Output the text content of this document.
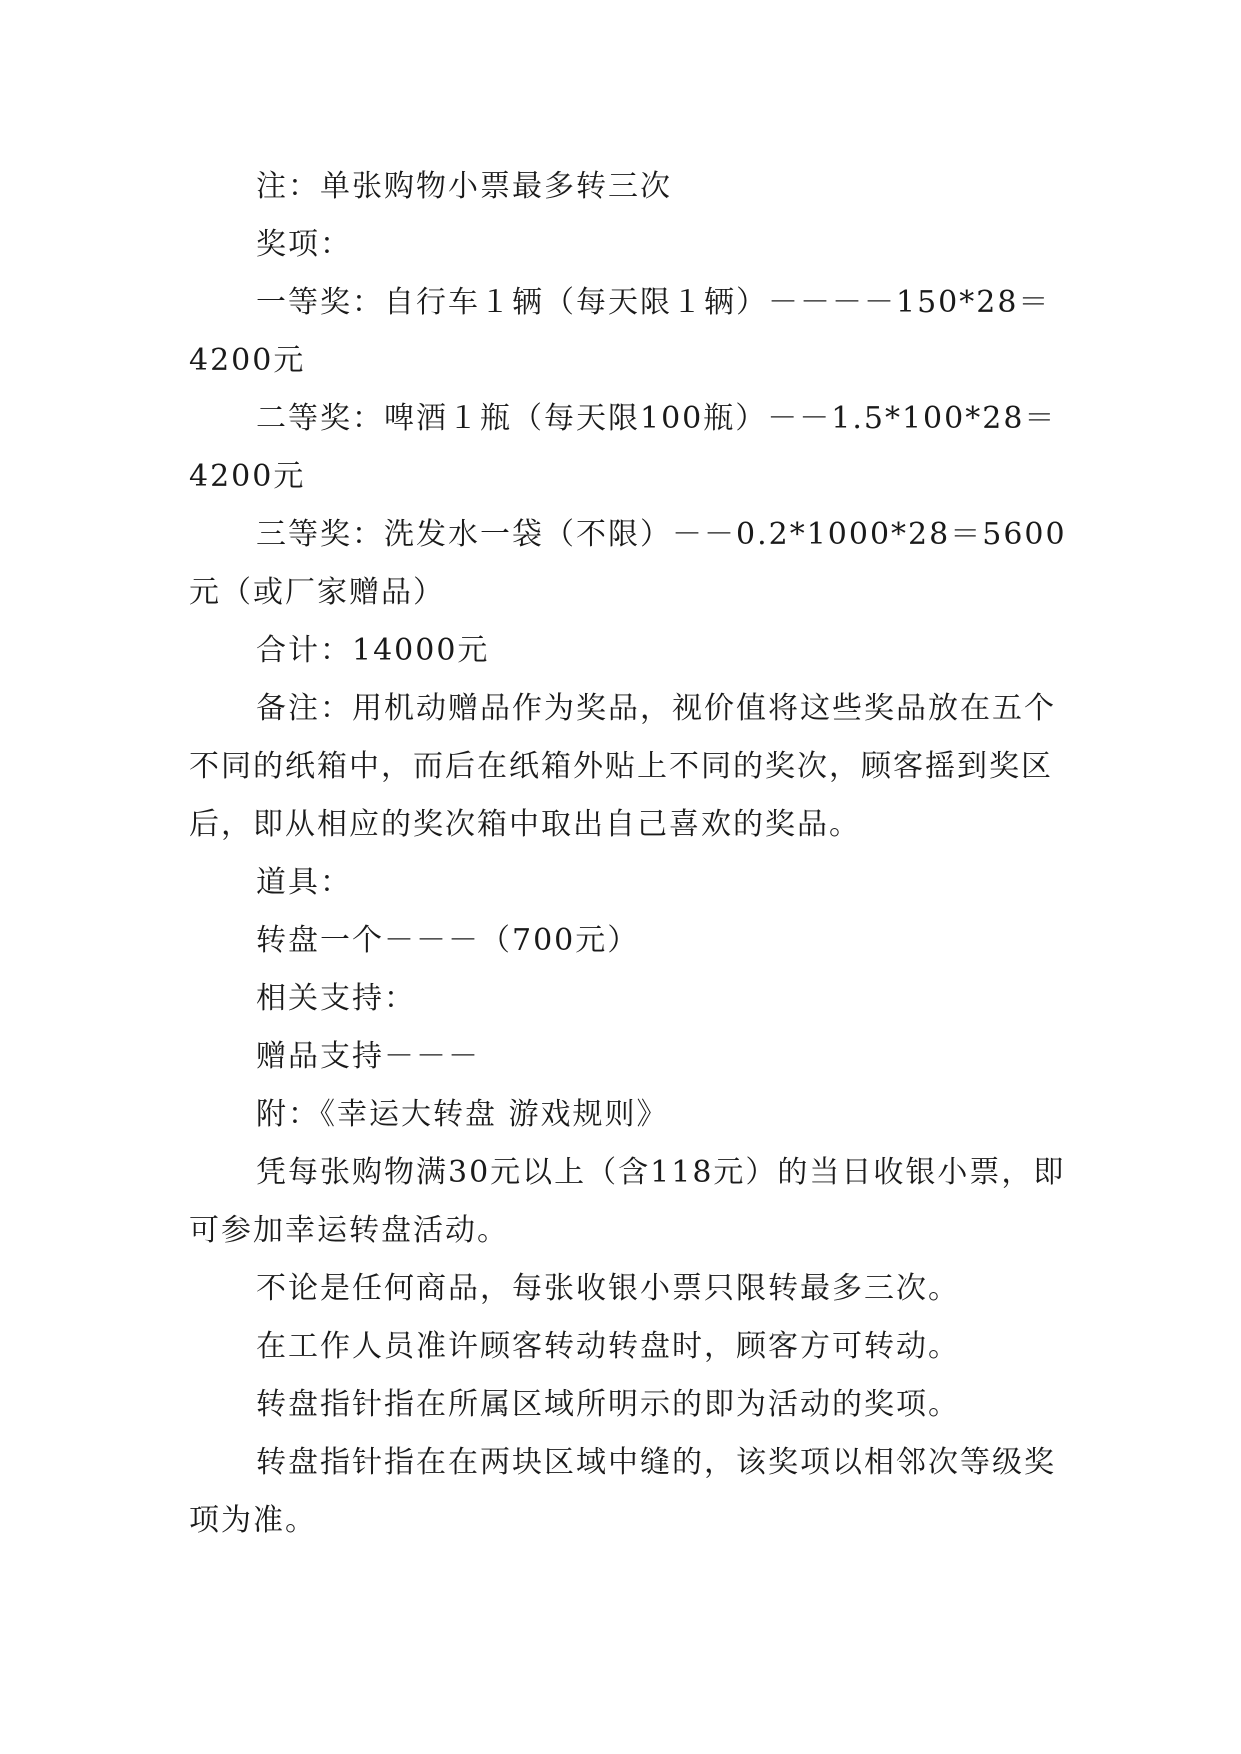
注：单张购物小票最多转三次

奖项：

一等奖：自行车１辆（每天限１辆）－－－－150*28＝4200元

二等奖：啤酒１瓶（每天限100瓶）－－1.5*100*28＝4200元

三等奖：洗发水一袋（不限）－－0.2*1000*28＝5600元（或厂家赠品）

合计：14000元

备注：用机动赠品作为奖品，视价值将这些奖品放在五个不同的纸箱中，而后在纸箱外贴上不同的奖次，顾客摇到奖区后，即从相应的奖次箱中取出自己喜欢的奖品。

道具：

转盘一个－－－（700元）

相关支持：

赠品支持－－－

附：《幸运大转盘 游戏规则》

凭每张购物满30元以上（含118元）的当日收银小票，即可参加幸运转盘活动。

不论是任何商品，每张收银小票只限转最多三次。

在工作人员准许顾客转动转盘时，顾客方可转动。

转盘指针指在所属区域所明示的即为活动的奖项。

转盘指针指在在两块区域中缝的，该奖项以相邻次等级奖项为准。
